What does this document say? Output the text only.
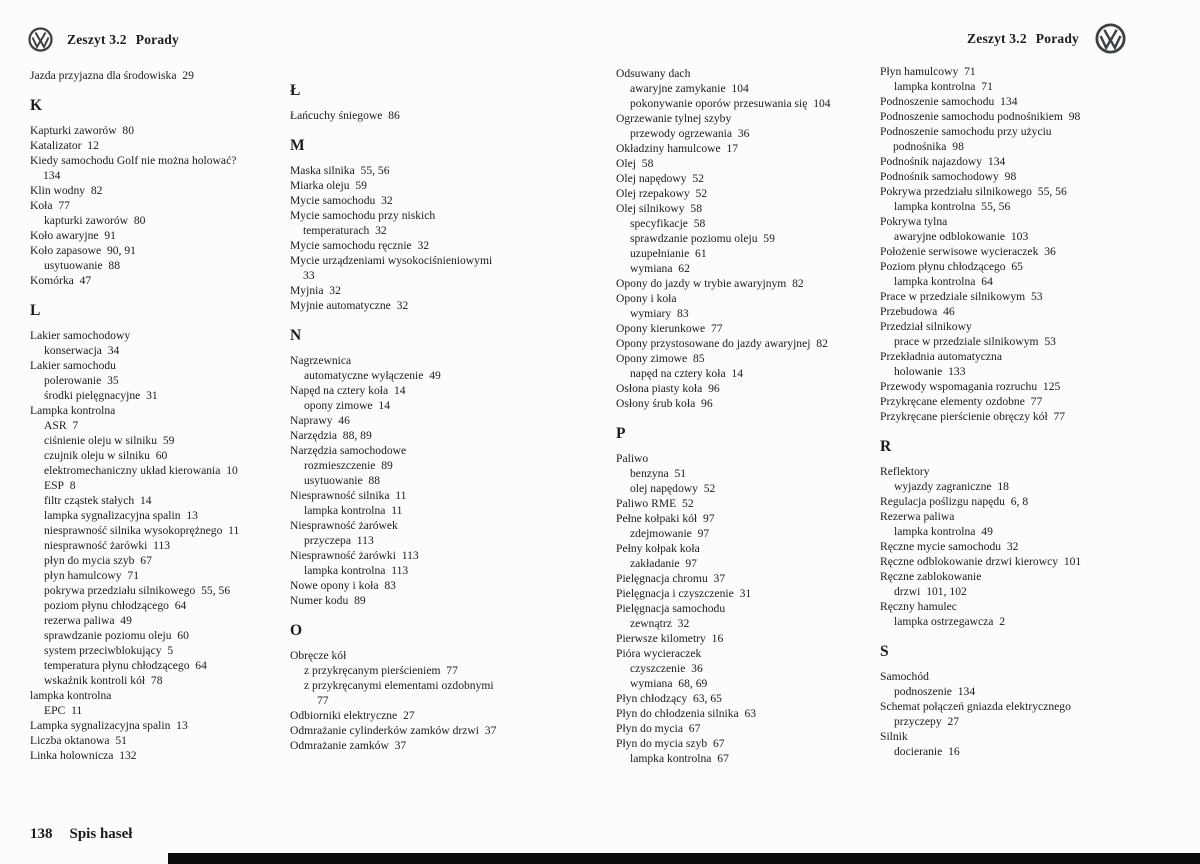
Zeszyt 3.2 Porady	Zeszyt 3.2 Porady
Jazda przyjazna dla środowiska  29
K
Kapturki zaworów  80
Katalizator  12
Kiedy samochodu Golf nie można holować? 134
Klin wodny  82
Koła  77
kapturki zaworów  80
Koło awaryjne  91
Koło zapasowe  90, 91
usytuowanie  88
Komórka  47
L
Lakier samochodowy
konserwacja  34
Lakier samochodu
polerowanie  35
środki pielęgnacyjne  31
Lampka kontrolna
ASR  7
ciśnienie oleju w silniku  59
czujnik oleju w silniku  60
elektromechaniczny układ kierowania  10
ESP  8
filtr cząstek stałych  14
lampka sygnalizacyjna spalin  13
niesprawność silnika wysokoprężnego  11
niesprawność żarówki  113
płyn do mycia szyb  67
płyn hamulcowy  71
pokrywa przedziału silnikowego  55, 56
poziom płynu chłodzącego  64
rezerwa paliwa  49
sprawdzanie poziomu oleju  60
system przeciwblokujący  5
temperatura płynu chłodzącego  64
wskaźnik kontroli kół  78
lampka kontrolna
EPC  11
Lampka sygnalizacyjna spalin  13
Liczba oktanowa  51
Linka holownicza  132
Ł
Łańcuchy śniegowe  86
M
Maska silnika  55, 56
Miarka oleju  59
Mycie samochodu  32
Mycie samochodu przy niskich temperaturach  32
Mycie samochodu ręcznie  32
Mycie urządzeniami wysokociśnieniowymi 33
Myjnia  32
Myjnie automatyczne  32
N
Nagrzewnica
automatyczne wyłączenie  49
Napęd na cztery koła  14
opony zimowe  14
Naprawy  46
Narzędzia  88, 89
Narzędzia samochodowe
rozmieszczenie  89
usytuowanie  88
Niesprawność silnika  11
lampka kontrolna  11
Niesprawność żarówek
przyczepa  113
Niesprawność żarówki  113
lampka kontrolna  113
Nowe opony i koła  83
Numer kodu  89
O
Obręcze kół
z przykręcanym pierścieniem  77
z przykręcanymi elementami ozdobnymi 77
Odbiorniki elektryczne  27
Odmrażanie cylinderków zamków drzwi  37
Odmrażanie zamków  37
Odsuwany dach
awaryjne zamykanie  104
pokonywanie oporów przesuwania się  104
Ogrzewanie tylnej szyby
przewody ogrzewania  36
Okładziny hamulcowe  17
Olej  58
Olej napędowy  52
Olej rzepakowy  52
Olej silnikowy  58
specyfikacje  58
sprawdzanie poziomu oleju  59
uzupełnianie  61
wymiana  62
Opony do jazdy w trybie awaryjnym  82
Opony i koła
wymiary  83
Opony kierunkowe  77
Opony przystosowane do jazdy awaryjnej  82
Opony zimowe  85
napęd na cztery koła  14
Osłona piasty koła  96
Osłony śrub koła  96
P
Paliwo
benzyna  51
olej napędowy  52
Paliwo RME  52
Pełne kołpaki kół  97
zdejmowanie  97
Pełny kołpak koła
zakładanie  97
Pielęgnacja chromu  37
Pielęgnacja i czyszczenie  31
Pielęgnacja samochodu
zewnątrz  32
Pierwsze kilometry  16
Pióra wycieraczek
czyszczenie  36
wymiana  68, 69
Płyn chłodzący  63, 65
Płyn do chłodzenia silnika  63
Płyn do mycia  67
Płyn do mycia szyb  67
lampka kontrolna  67
Płyn hamulcowy  71
lampka kontrolna  71
Podnoszenie samochodu  134
Podnoszenie samochodu podnośnikiem  98
Podnoszenie samochodu przy użyciu podnośnika  98
Podnośnik najazdowy  134
Podnośnik samochodowy  98
Pokrywa przedziału silnikowego  55, 56
lampka kontrolna  55, 56
Pokrywa tylna
awaryjne odblokowanie  103
Położenie serwisowe wycieraczek  36
Poziom płynu chłodzącego  65
lampka kontrolna  64
Prace w przedziale silnikowym  53
Przebudowa  46
Przedział silnikowy
prace w przedziale silnikowym  53
Przekładnia automatyczna
holowanie  133
Przewody wspomagania rozruchu  125
Przykręcane elementy ozdobne  77
Przykręcane pierścienie obręczy kół  77
R
Reflektory
wyjazdy zagraniczne  18
Regulacja poślizgu napędu  6, 8
Rezerwa paliwa
lampka kontrolna  49
Ręczne mycie samochodu  32
Ręczne odblokowanie drzwi kierowcy  101
Ręczne zablokowanie
drzwi  101, 102
Ręczny hamulec
lampka ostrzegawcza  2
S
Samochód
podnoszenie  134
Schemat połączeń gniazda elektrycznego
przyczepy  27
Silnik
docieranie  16
138 Spis haseł
